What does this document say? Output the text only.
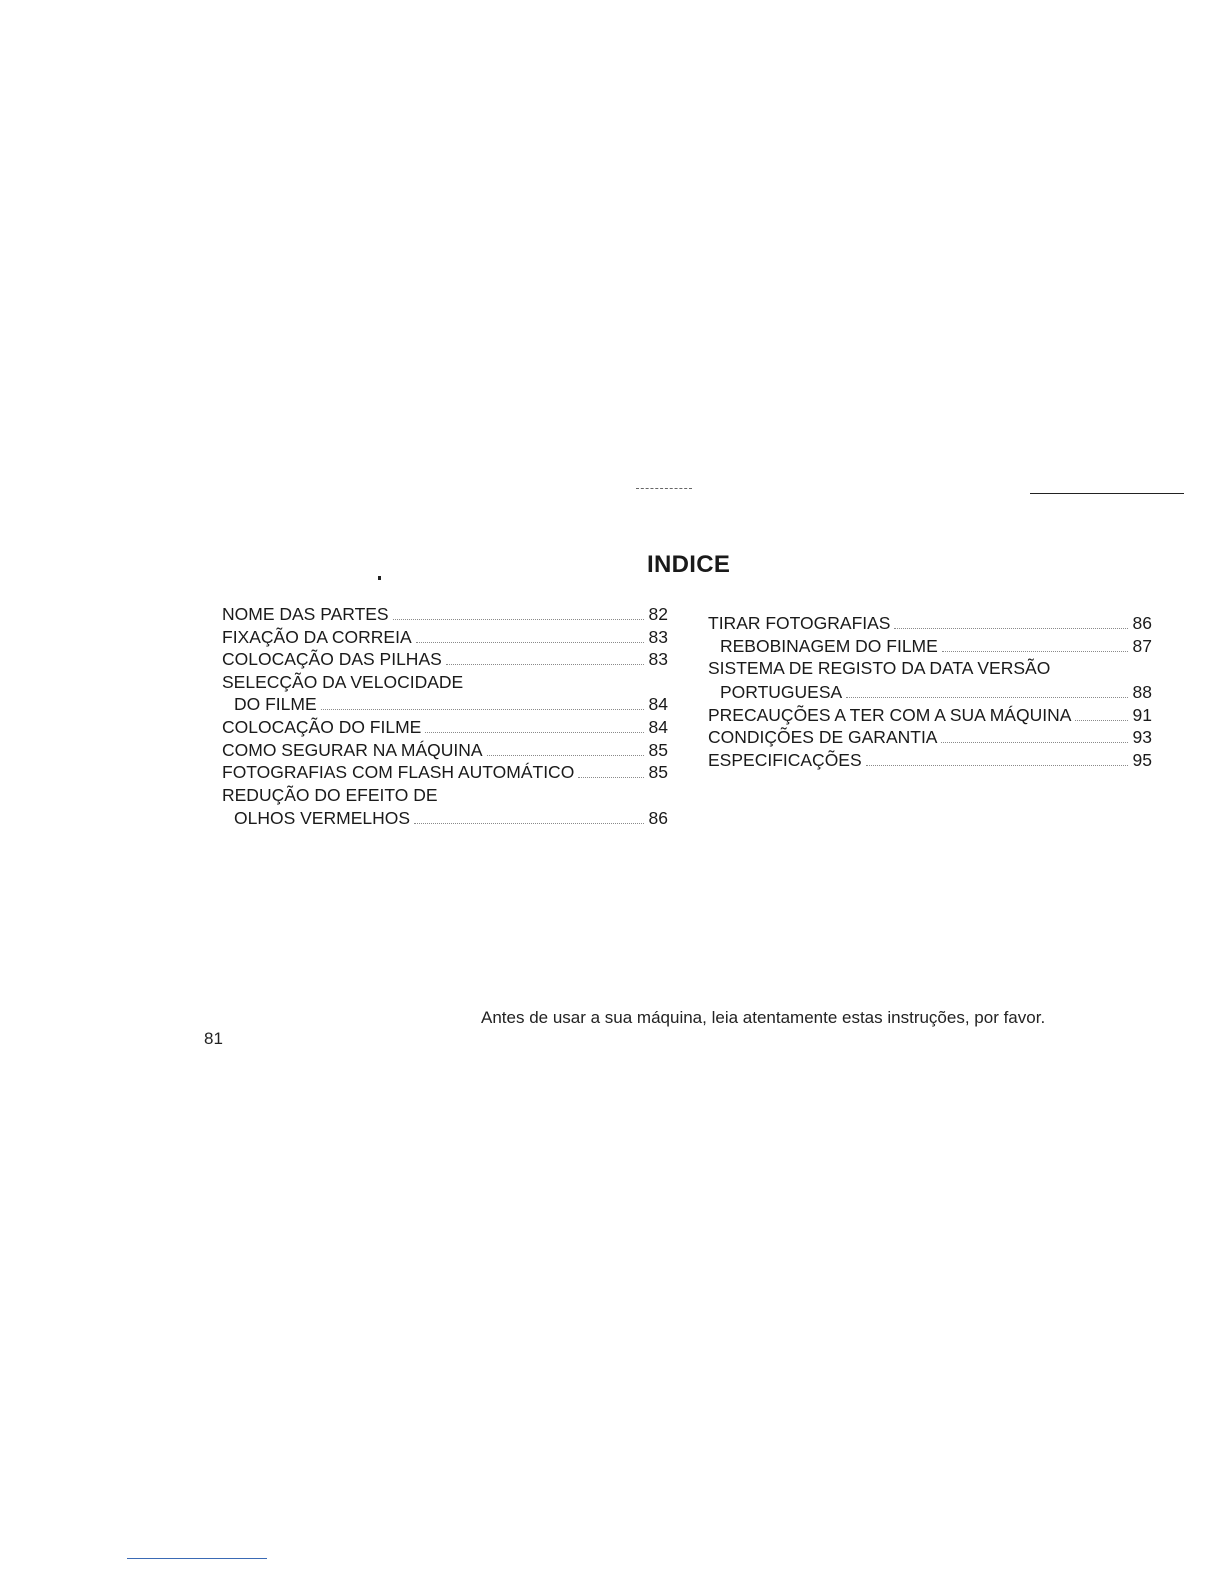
INDICE
NOME DAS PARTES	82
FIXAÇÃO DA CORREIA	83
COLOCAÇÃO DAS PILHAS	83
SELECÇÃO DA VELOCIDADE
DO FILME	84
COLOCAÇÃO DO FILME	84
COMO SEGURAR NA MÁQUINA	85
FOTOGRAFIAS COM FLASH AUTOMÁTICO	85
REDUÇÃO DO EFEITO DE
OLHOS VERMELHOS	86
TIRAR FOTOGRAFIAS	86
REBOBINAGEM DO FILME	87
SISTEMA DE REGISTO DA DATA VERSÃO
PORTUGUESA	88
PRECAUÇÕES A TER COM A SUA MÁQUINA	91
CONDIÇÕES DE GARANTIA	93
ESPECIFICAÇÕES	95
Antes de usar a sua máquina, leia atentamente estas instruções, por favor.
81
